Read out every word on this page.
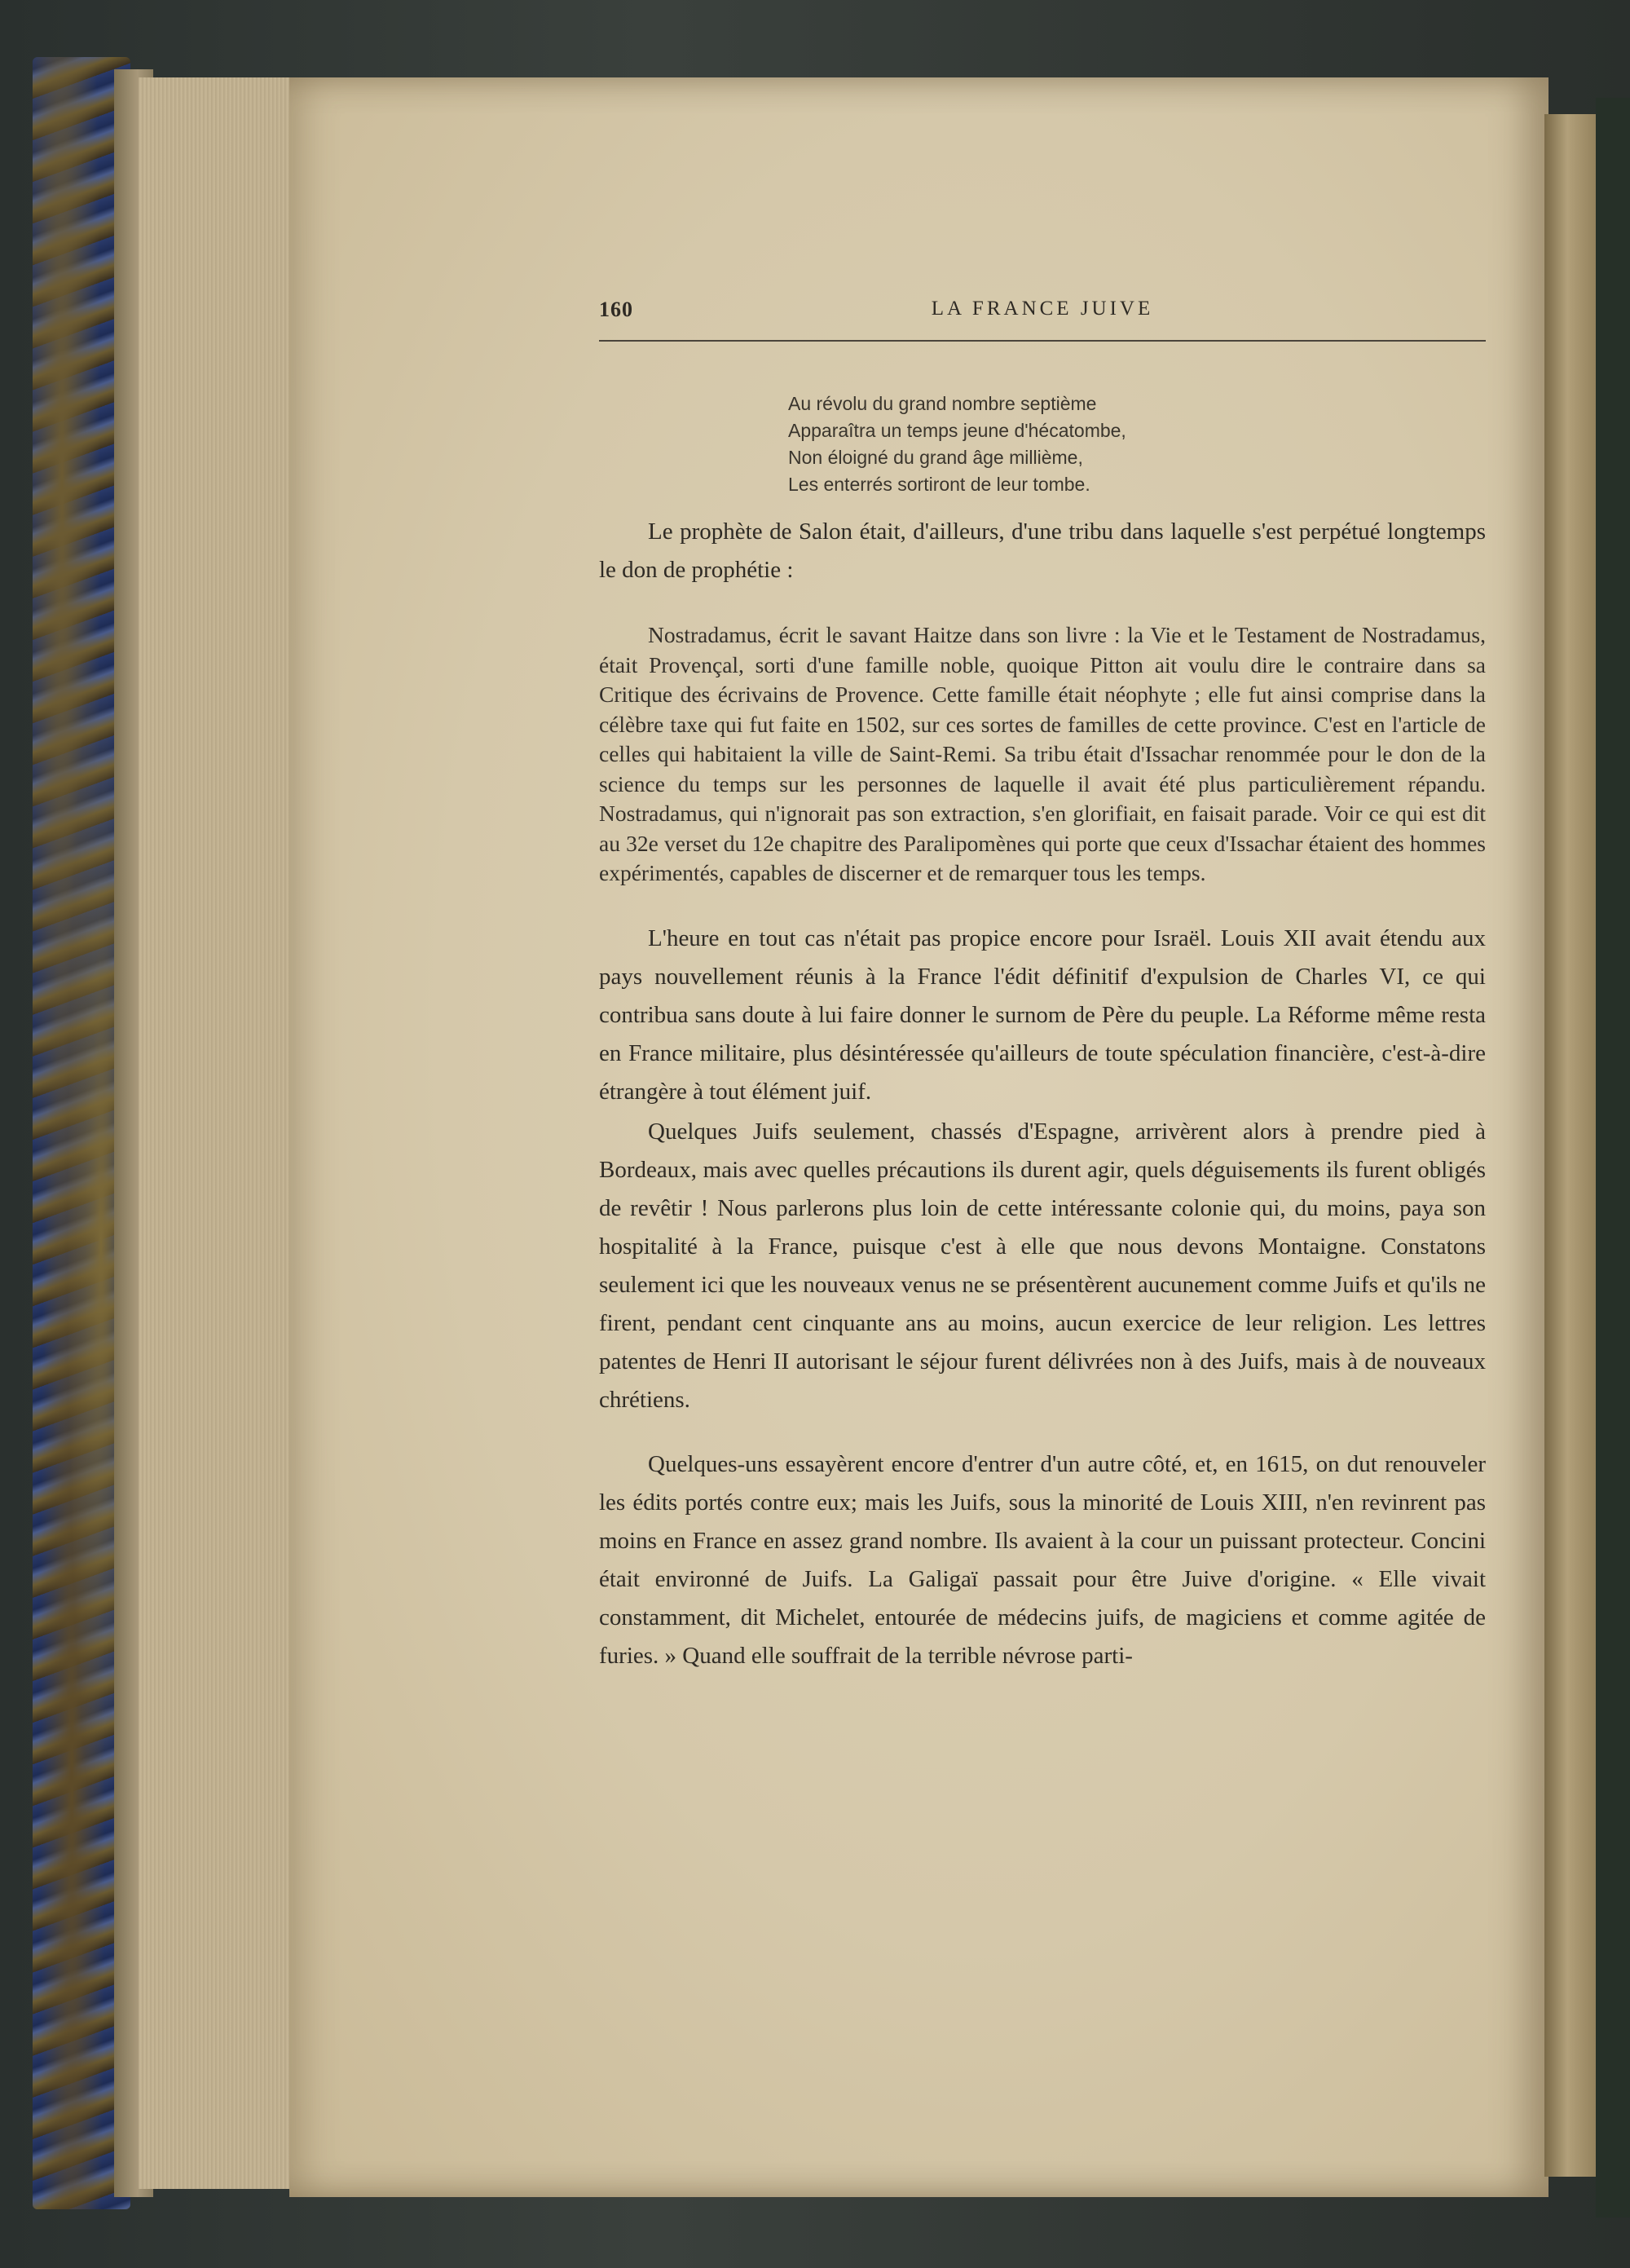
160	LA FRANCE JUIVE
Au révolu du grand nombre septième
Apparaîtra un temps jeune d'hécatombe,
Non éloigné du grand âge millième,
Les enterrés sortiront de leur tombe.

Le prophète de Salon était, d'ailleurs, d'une tribu dans laquelle s'est perpétué longtemps le don de prophétie :

Nostradamus, écrit le savant Haitze dans son livre : la Vie et le Testament de Nostradamus, était Provençal, sorti d'une famille noble, quoique Pitton ait voulu dire le contraire dans sa Critique des écrivains de Provence. Cette famille était néophyte ; elle fut ainsi comprise dans la célèbre taxe qui fut faite en 1502, sur ces sortes de familles de cette province. C'est en l'article de celles qui habitaient la ville de Saint-Remi. Sa tribu était d'Issachar renommée pour le don de la science du temps sur les personnes de laquelle il avait été plus particulièrement répandu. Nostradamus, qui n'ignorait pas son extraction, s'en glorifiait, en faisait parade. Voir ce qui est dit au 32e verset du 12e chapitre des Paralipomènes qui porte que ceux d'Issachar étaient des hommes expérimentés, capables de discerner et de remarquer tous les temps.

L'heure en tout cas n'était pas propice encore pour Israël. Louis XII avait étendu aux pays nouvellement réunis à la France l'édit définitif d'expulsion de Charles VI, ce qui contribua sans doute à lui faire donner le surnom de Père du peuple. La Réforme même resta en France militaire, plus désintéressée qu'ailleurs de toute spéculation financière, c'est-à-dire étrangère à tout élément juif.

Quelques Juifs seulement, chassés d'Espagne, arrivèrent alors à prendre pied à Bordeaux, mais avec quelles précautions ils durent agir, quels déguisements ils furent obligés de revêtir ! Nous parlerons plus loin de cette intéressante colonie qui, du moins, paya son hospitalité à la France, puisque c'est à elle que nous devons Montaigne. Constatons seulement ici que les nouveaux venus ne se présentèrent aucunement comme Juifs et qu'ils ne firent, pendant cent cinquante ans au moins, aucun exercice de leur religion. Les lettres patentes de Henri II autorisant le séjour furent délivrées non à des Juifs, mais à de nouveaux chrétiens.

Quelques-uns essayèrent encore d'entrer d'un autre côté, et, en 1615, on dut renouveler les édits portés contre eux; mais les Juifs, sous la minorité de Louis XIII, n'en revinrent pas moins en France en assez grand nombre. Ils avaient à la cour un puissant protecteur. Concini était environné de Juifs. La Galigaï passait pour être Juive d'origine. « Elle vivait constamment, dit Michelet, entourée de médecins juifs, de magiciens et comme agitée de furies. » Quand elle souffrait de la terrible névrose parti-
